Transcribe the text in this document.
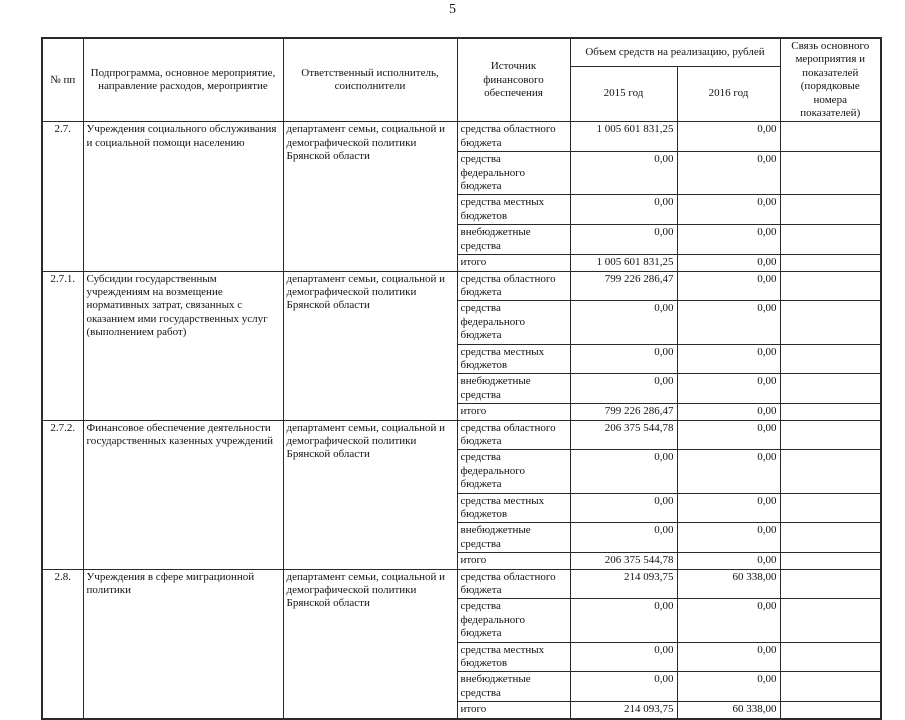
5
№ пп	Подпрограмма, основное мероприятие, направление расходов, мероприятие	Ответственный исполнитель, соисполнители	Источник финансового обеспечения	Объем средств на реализацию, рублей		Связь основного мероприятия и показателей (порядковые номера показателей)
				2015 год	2016 год	
2.7.	Учреждения социального обслуживания и социальной помощи населению	департамент семьи, социальной и демографической политики Брянской области	средства областного бюджета	1 005 601 831,25	0,00	
			средства федерального бюджета	0,00	0,00	
			средства местных бюджетов	0,00	0,00	
			внебюджетные средства	0,00	0,00	
			итого	1 005 601 831,25	0,00	
2.7.1.	Субсидии государственным учреждениям на возмещение нормативных затрат, связанных с оказанием ими государственных услуг (выполнением работ)	департамент семьи, социальной и демографической политики Брянской области	средства областного бюджета	799 226 286,47	0,00	
			средства федерального бюджета	0,00	0,00	
			средства местных бюджетов	0,00	0,00	
			внебюджетные средства	0,00	0,00	
			итого	799 226 286,47	0,00	
2.7.2.	Финансовое обеспечение деятельности государственных казенных учреждений	департамент семьи, социальной и демографической политики Брянской области	средства областного бюджета	206 375 544,78	0,00	
			средства федерального бюджета	0,00	0,00	
			средства местных бюджетов	0,00	0,00	
			внебюджетные средства	0,00	0,00	
			итого	206 375 544,78	0,00	
2.8.	Учреждения в сфере миграционной политики	департамент семьи, социальной и демографической политики Брянской области	средства областного бюджета	214 093,75	60 338,00	
			средства федерального бюджета	0,00	0,00	
			средства местных бюджетов	0,00	0,00	
			внебюджетные средства	0,00	0,00	
			итого	214 093,75	60 338,00	
